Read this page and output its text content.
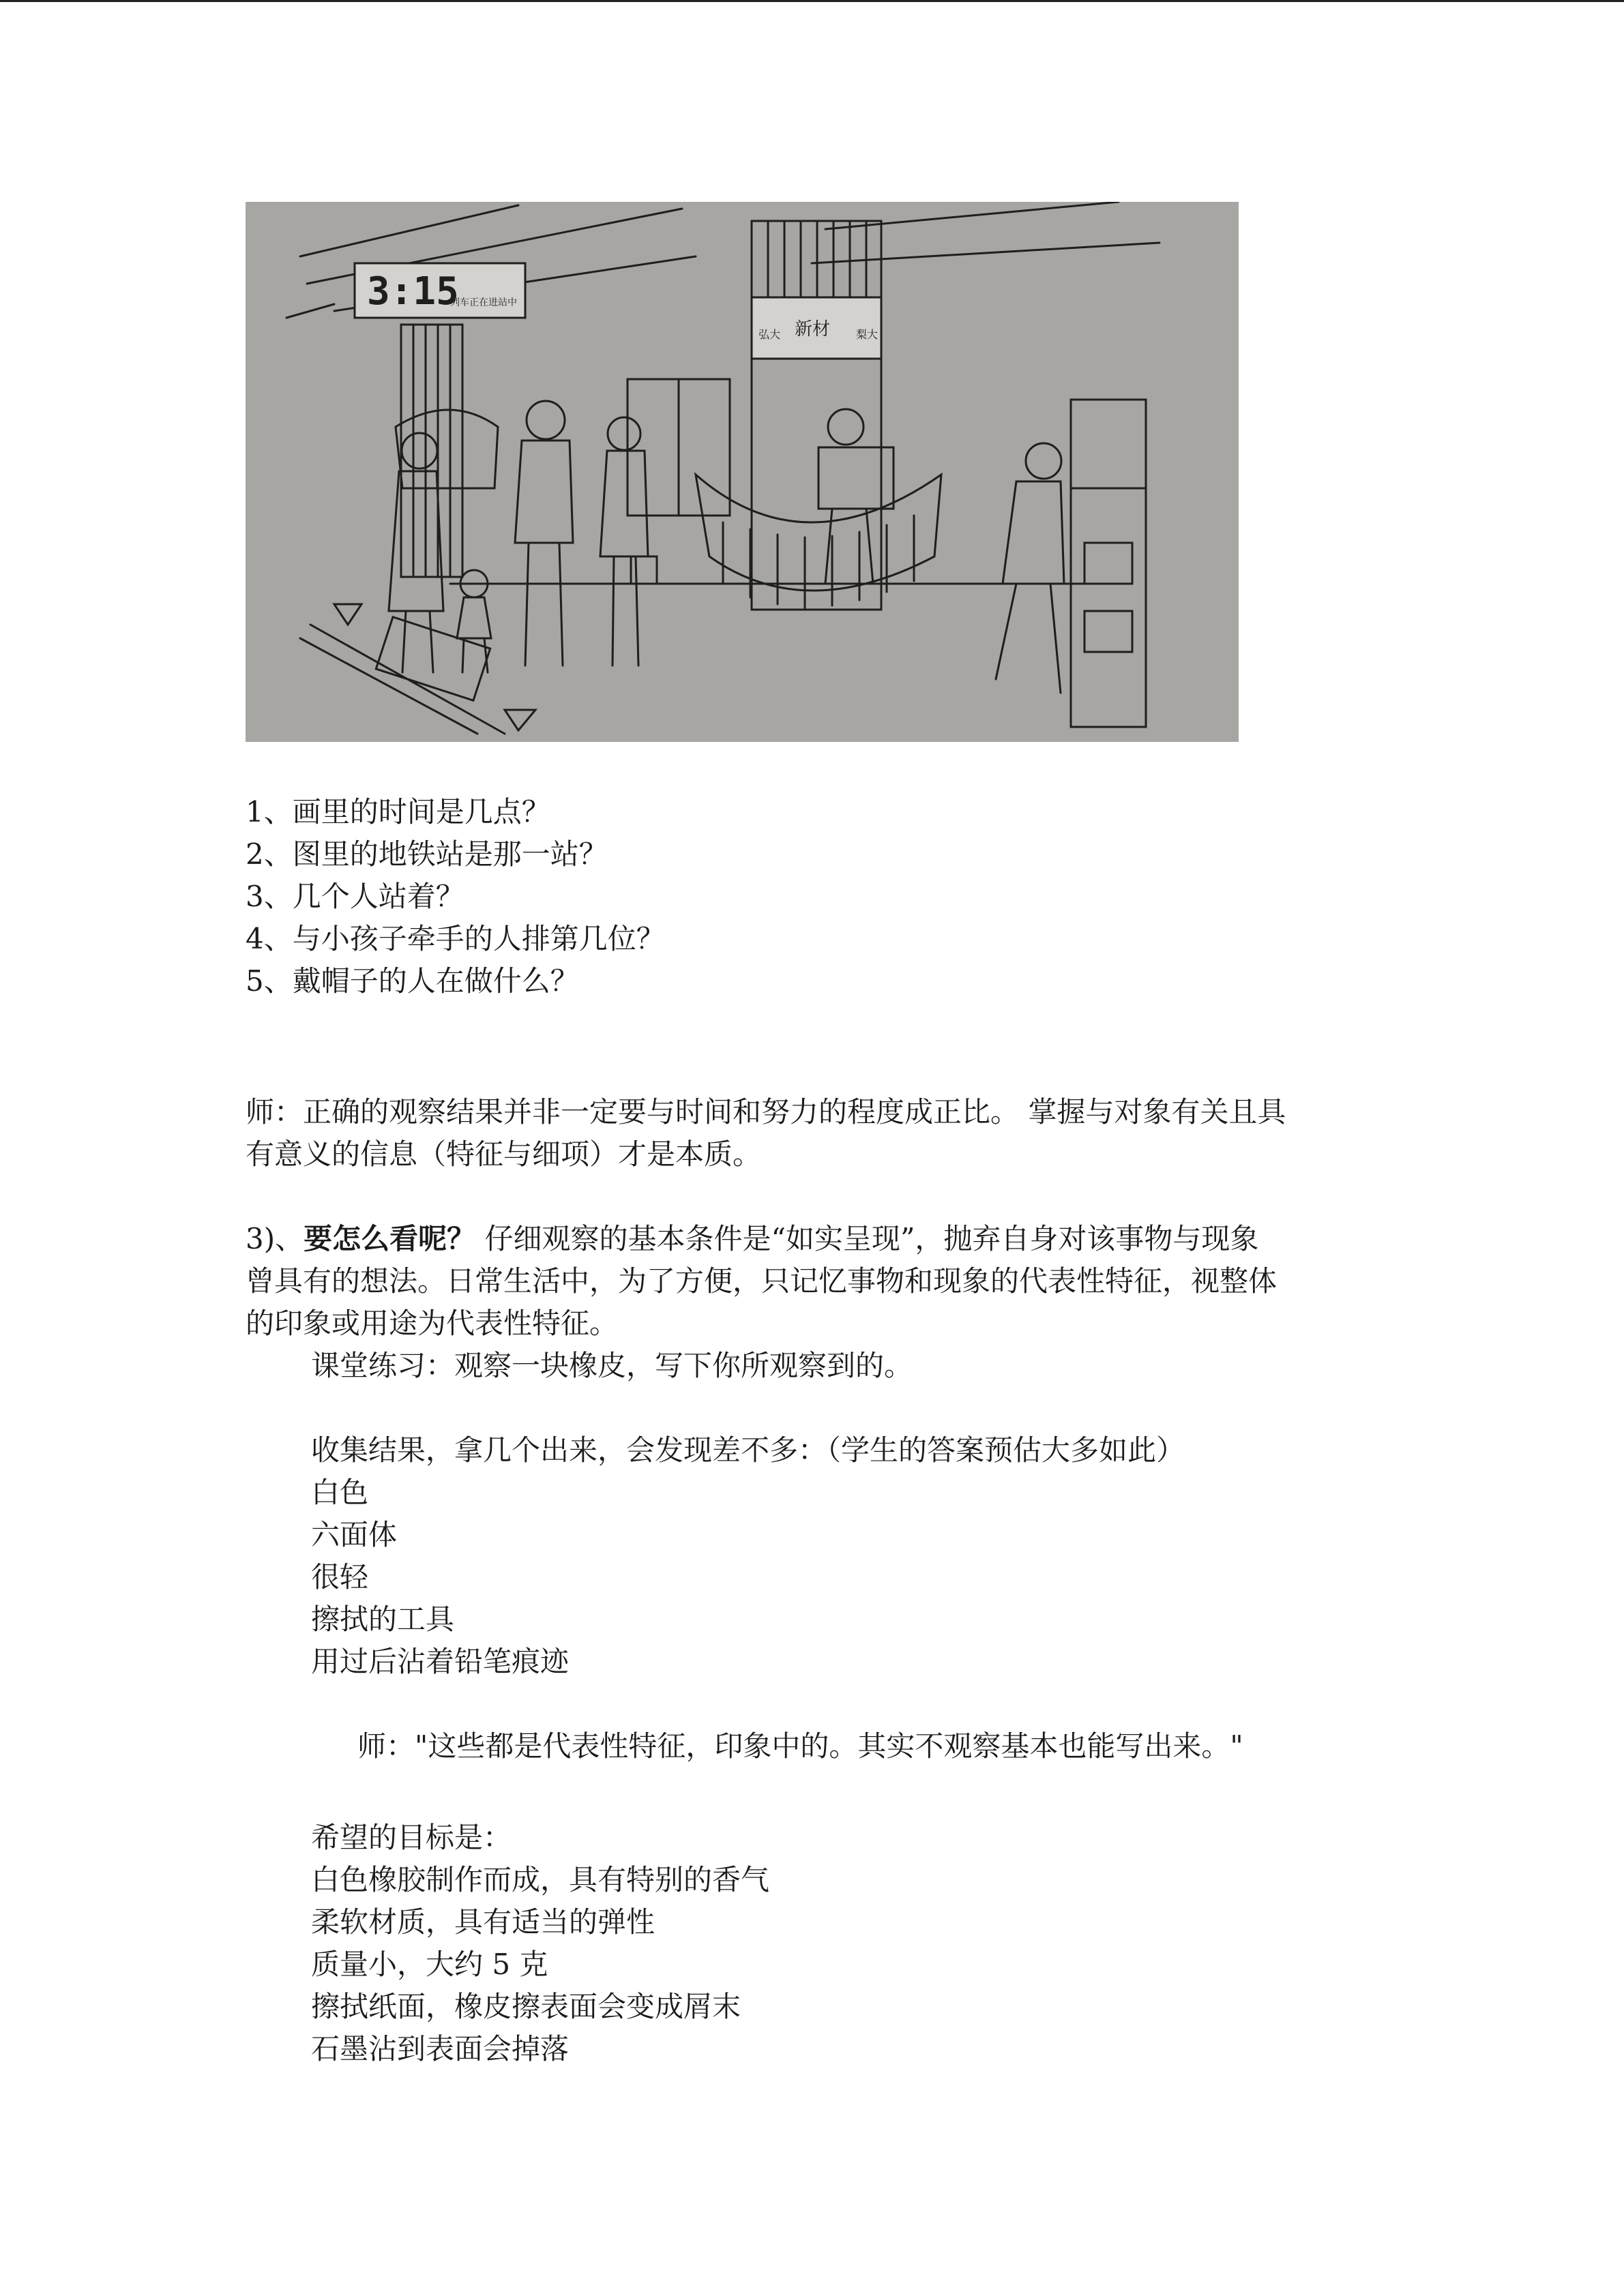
3:15
列车正在进站中
弘大 新材 梨大
1、画里的时间是几点？
2、图里的地铁站是那一站？
3、几个人站着？
4、与小孩子牵手的人排第几位？
5、戴帽子的人在做什么？
师：正确的观察结果并非一定要与时间和努力的程度成正比。 掌握与对象有关且具
有意义的信息（特征与细项）才是本质。
3)、要怎么看呢？ 仔细观察的基本条件是“如实呈现”，抛弃自身对该事物与现象
曾具有的想法。日常生活中，为了方便，只记忆事物和现象的代表性特征，视整体
的印象或用途为代表性特征。
课堂练习：观察一块橡皮，写下你所观察到的。
收集结果，拿几个出来，会发现差不多：（学生的答案预估大多如此）
白色
六面体
很轻
擦拭的工具
用过后沾着铅笔痕迹
师："这些都是代表性特征，印象中的。其实不观察基本也能写出来。"
希望的目标是：
白色橡胶制作而成，具有特别的香气
柔软材质，具有适当的弹性
质量小，大约 5 克
擦拭纸面，橡皮擦表面会变成屑末
石墨沾到表面会掉落
